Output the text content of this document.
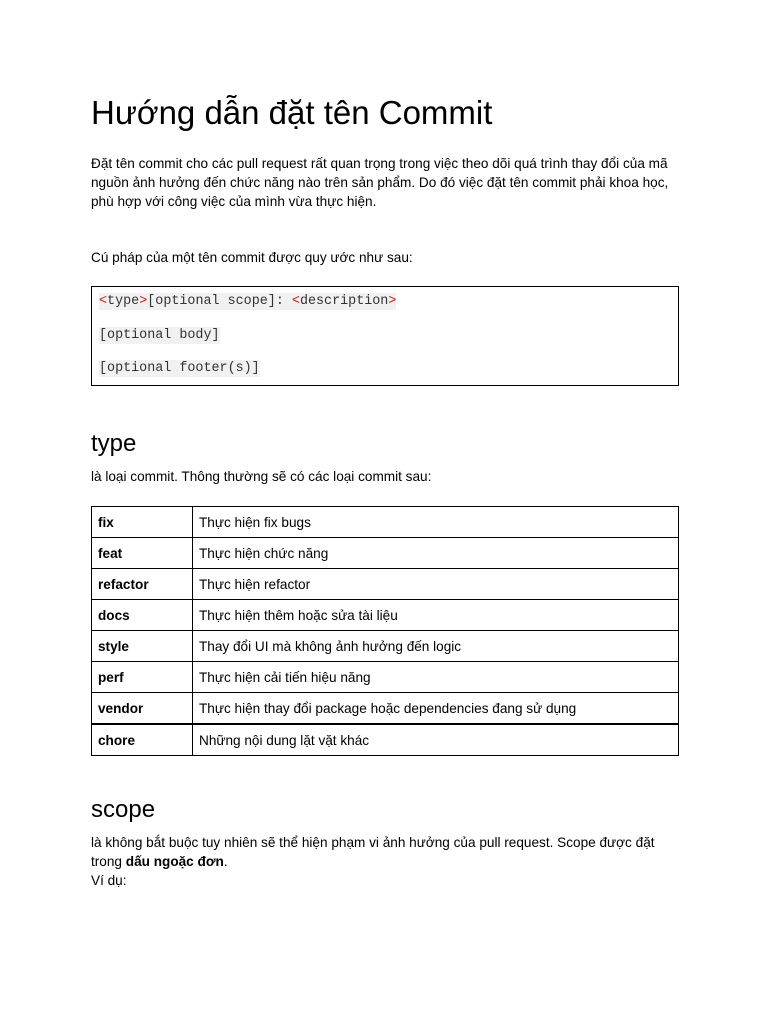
Hướng dẫn đặt tên Commit

Đặt tên commit cho các pull request rất quan trọng trong việc theo dõi quá trình thay đổi của mã nguồn ảnh hưởng đến chức năng nào trên sản phẩm. Do đó việc đặt tên commit phải khoa học, phù hợp với công việc của mình vừa thực hiện.

Cú pháp của một tên commit được quy ước như sau:

<type>[optional scope]: <description>
[optional body]
[optional footer(s)]
type

là loại commit. Thông thường sẽ có các loại commit sau:

fix	Thực hiện fix bugs
feat	Thực hiện chức năng
refactor	Thực hiện refactor
docs	Thực hiện thêm hoặc sửa tài liệu
style	Thay đổi UI mà không ảnh hưởng đến logic
perf	Thực hiện cải tiến hiệu năng
vendor	Thực hiện thay đổi package hoặc dependencies đang sử dụng
chore	Những nội dung lặt vặt khác
scope

là không bắt buộc tuy nhiên sẽ thể hiện phạm vi ảnh hưởng của pull request. Scope được đặt trong dấu ngoặc đơn.

Ví dụ:
